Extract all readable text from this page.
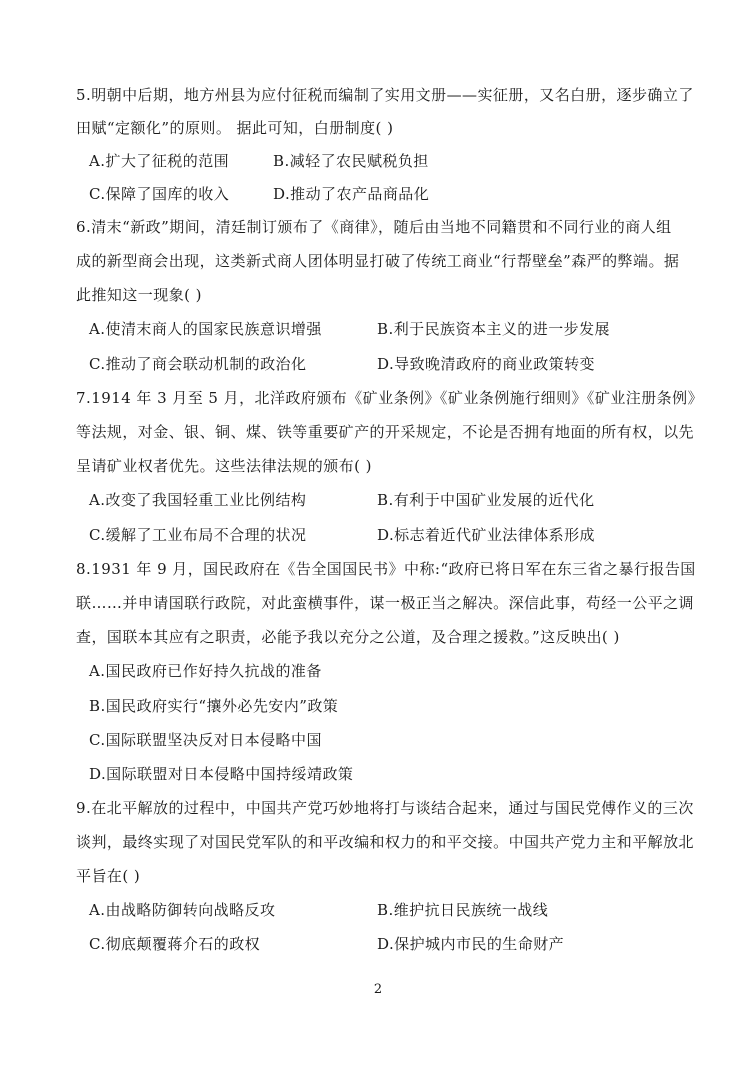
5.明朝中后期，地方州县为应付征税而编制了实用文册——实征册，又名白册，逐步确立了
田赋“定额化”的原则。 据此可知，白册制度( )
A.扩大了征税的范围	B.减轻了农民赋税负担
C.保障了国库的收入	D.推动了农产品商品化
6.清末“新政”期间，清廷制订颁布了《商律》，随后由当地不同籍贯和不同行业的商人组
成的新型商会出现，这类新式商人团体明显打破了传统工商业“行帮壁垒”森严的弊端。据
此推知这一现象( )
A.使清末商人的国家民族意识增强	B.利于民族资本主义的进一步发展
C.推动了商会联动机制的政治化	D.导致晚清政府的商业政策转变
7.1914 年 3 月至 5 月，北洋政府颁布《矿业条例》《矿业条例施行细则》《矿业注册条例》
等法规，对金、银、铜、煤、铁等重要矿产的开采规定，不论是否拥有地面的所有权，以先
呈请矿业权者优先。这些法律法规的颁布( )
A.改变了我国轻重工业比例结构	B.有利于中国矿业发展的近代化
C.缓解了工业布局不合理的状况	D.标志着近代矿业法律体系形成
8.1931 年 9 月，国民政府在《告全国国民书》中称:“政府已将日军在东三省之暴行报告国
联……并申请国联行政院，对此蛮横事件，谋一极正当之解决。深信此事，苟经一公平之调
查，国联本其应有之职责，必能予我以充分之公道，及合理之援救。”这反映出( )
A.国民政府已作好持久抗战的准备
B.国民政府实行“攘外必先安内”政策
C.国际联盟坚决反对日本侵略中国
D.国际联盟对日本侵略中国持绥靖政策
9.在北平解放的过程中，中国共产党巧妙地将打与谈结合起来，通过与国民党傅作义的三次
谈判，最终实现了对国民党军队的和平改编和权力的和平交接。中国共产党力主和平解放北
平旨在( )
A.由战略防御转向战略反攻	B.维护抗日民族统一战线
C.彻底颠覆蒋介石的政权	D.保护城内市民的生命财产
2
